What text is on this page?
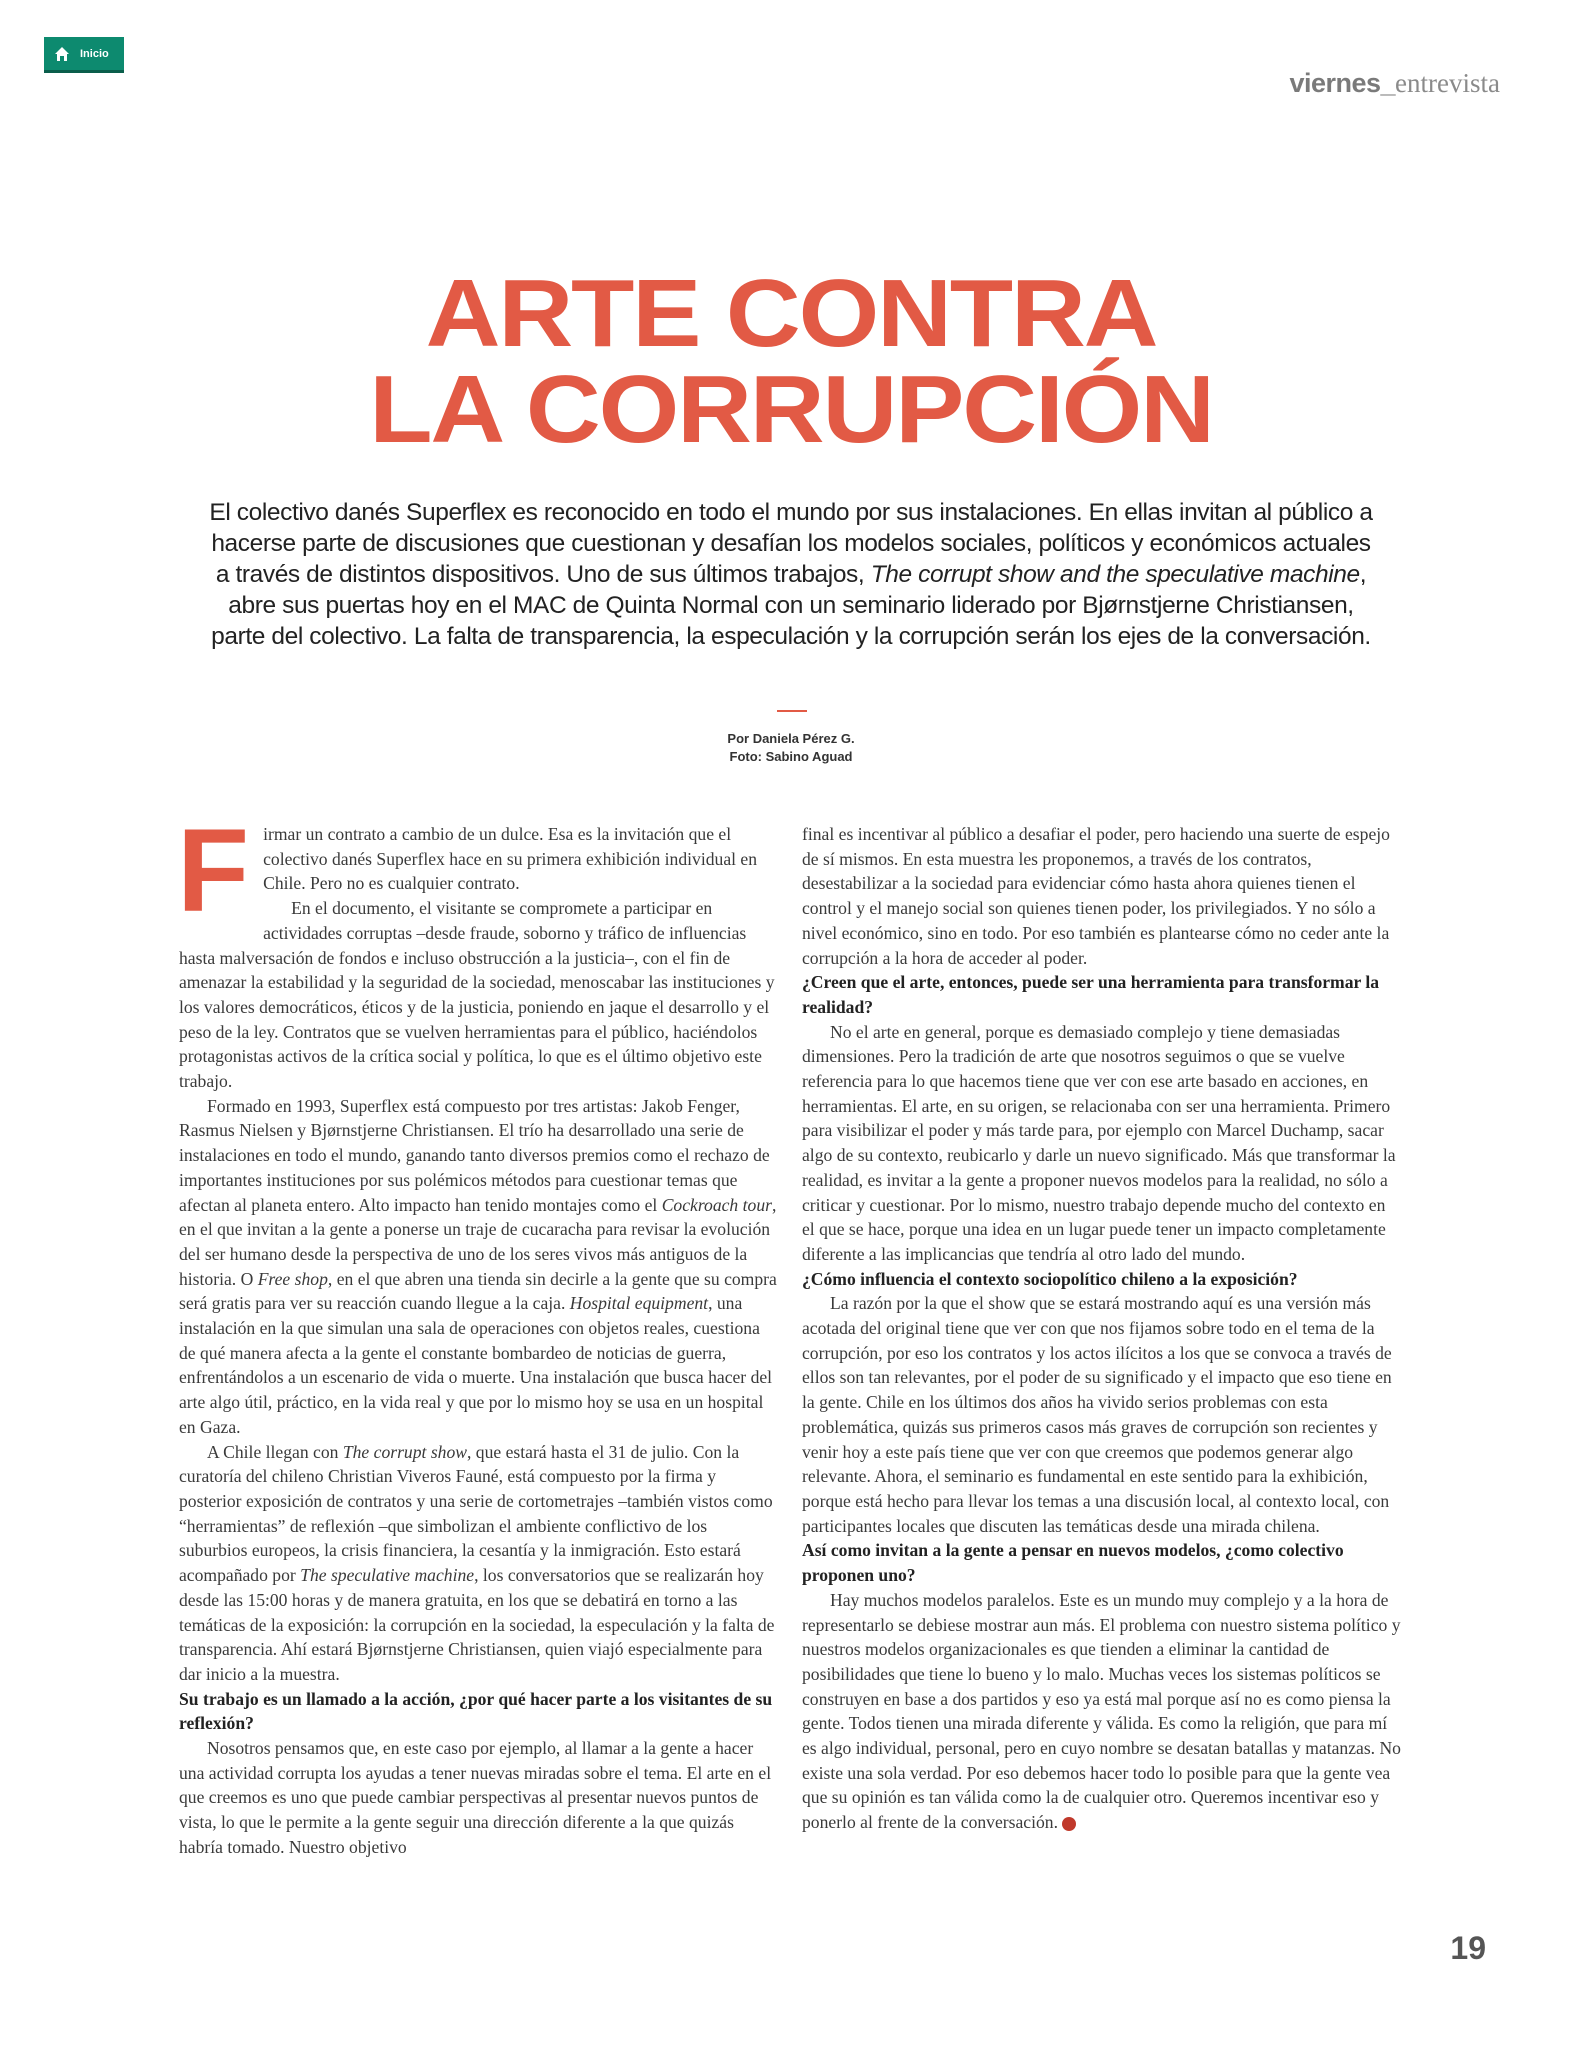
Inicio
viernes_entrevista
ARTE CONTRA
LA CORRUPCIÓN
El colectivo danés Superflex es reconocido en todo el mundo por sus instalaciones. En ellas invitan al público a hacerse parte de discusiones que cuestionan y desafían los modelos sociales, políticos y económicos actuales a través de distintos dispositivos. Uno de sus últimos trabajos, The corrupt show and the speculative machine, abre sus puertas hoy en el MAC de Quinta Normal con un seminario liderado por Bjørnstjerne Christiansen, parte del colectivo. La falta de transparencia, la especulación y la corrupción serán los ejes de la conversación.
Por Daniela Pérez G.
Foto: Sabino Aguad

Firmar un contrato a cambio de un dulce. Esa es la invitación que el colectivo danés Superflex hace en su primera exhibición individual en Chile. Pero no es cualquier contrato.

En el documento, el visitante se compromete a participar en actividades corruptas –desde fraude, soborno y tráfico de influencias hasta malversación de fondos e incluso obstrucción a la justicia–, con el fin de amenazar la estabilidad y la seguridad de la sociedad, menoscabar las instituciones y los valores democráticos, éticos y de la justicia, poniendo en jaque el desarrollo y el peso de la ley. Contratos que se vuelven herramientas para el público, haciéndolos protagonistas activos de la crítica social y política, lo que es el último objetivo este trabajo.

Formado en 1993, Superflex está compuesto por tres artistas: Jakob Fenger, Rasmus Nielsen y Bjørnstjerne Christiansen. El trío ha desarrollado una serie de instalaciones en todo el mundo, ganando tanto diversos premios como el rechazo de importantes instituciones por sus polémicos métodos para cuestionar temas que afectan al planeta entero. Alto impacto han tenido montajes como el Cockroach tour, en el que invitan a la gente a ponerse un traje de cucaracha para revisar la evolución del ser humano desde la perspectiva de uno de los seres vivos más antiguos de la historia. O Free shop, en el que abren una tienda sin decirle a la gente que su compra será gratis para ver su reacción cuando llegue a la caja. Hospital equipment, una instalación en la que simulan una sala de operaciones con objetos reales, cuestiona de qué manera afecta a la gente el constante bombardeo de noticias de guerra, enfrentándolos a un escenario de vida o muerte. Una instalación que busca hacer del arte algo útil, práctico, en la vida real y que por lo mismo hoy se usa en un hospital en Gaza.

A Chile llegan con The corrupt show, que estará hasta el 31 de julio. Con la curatoría del chileno Christian Viveros Fauné, está compuesto por la firma y posterior exposición de contratos y una serie de cortometrajes –también vistos como “herramientas” de reflexión –que simbolizan el ambiente conflictivo de los suburbios europeos, la crisis financiera, la cesantía y la inmigración. Esto estará acompañado por The speculative machine, los conversatorios que se realizarán hoy desde las 15:00 horas y de manera gratuita, en los que se debatirá en torno a las temáticas de la exposición: la corrupción en la sociedad, la especulación y la falta de transparencia. Ahí estará Bjørnstjerne Christiansen, quien viajó especialmente para dar inicio a la muestra.

Su trabajo es un llamado a la acción, ¿por qué hacer parte a los visitantes de su reflexión?

Nosotros pensamos que, en este caso por ejemplo, al llamar a la gente a hacer una actividad corrupta los ayudas a tener nuevas miradas sobre el tema. El arte en el que creemos es uno que puede cambiar perspectivas al presentar nuevos puntos de vista, lo que le permite a la gente seguir una dirección diferente a la que quizás habría tomado. Nuestro objetivo

final es incentivar al público a desafiar el poder, pero haciendo una suerte de espejo de sí mismos. En esta muestra les proponemos, a través de los contratos, desestabilizar a la sociedad para evidenciar cómo hasta ahora quienes tienen el control y el manejo social son quienes tienen poder, los privilegiados. Y no sólo a nivel económico, sino en todo. Por eso también es plantearse cómo no ceder ante la corrupción a la hora de acceder al poder.

¿Creen que el arte, entonces, puede ser una herramienta para transformar la realidad?

No el arte en general, porque es demasiado complejo y tiene demasiadas dimensiones. Pero la tradición de arte que nosotros seguimos o que se vuelve referencia para lo que hacemos tiene que ver con ese arte basado en acciones, en herramientas. El arte, en su origen, se relacionaba con ser una herramienta. Primero para visibilizar el poder y más tarde para, por ejemplo con Marcel Duchamp, sacar algo de su contexto, reubicarlo y darle un nuevo significado. Más que transformar la realidad, es invitar a la gente a proponer nuevos modelos para la realidad, no sólo a criticar y cuestionar. Por lo mismo, nuestro trabajo depende mucho del contexto en el que se hace, porque una idea en un lugar puede tener un impacto completamente diferente a las implicancias que tendría al otro lado del mundo.

¿Cómo influencia el contexto sociopolítico chileno a la exposición?

La razón por la que el show que se estará mostrando aquí es una versión más acotada del original tiene que ver con que nos fijamos sobre todo en el tema de la corrupción, por eso los contratos y los actos ilícitos a los que se convoca a través de ellos son tan relevantes, por el poder de su significado y el impacto que eso tiene en la gente. Chile en los últimos dos años ha vivido serios problemas con esta problemática, quizás sus primeros casos más graves de corrupción son recientes y venir hoy a este país tiene que ver con que creemos que podemos generar algo relevante. Ahora, el seminario es fundamental en este sentido para la exhibición, porque está hecho para llevar los temas a una discusión local, al contexto local, con participantes locales que discuten las temáticas desde una mirada chilena.

Así como invitan a la gente a pensar en nuevos modelos, ¿como colectivo proponen uno?

Hay muchos modelos paralelos. Este es un mundo muy complejo y a la hora de representarlo se debiese mostrar aun más. El problema con nuestro sistema político y nuestros modelos organizacionales es que tienden a eliminar la cantidad de posibilidades que tiene lo bueno y lo malo. Muchas veces los sistemas políticos se construyen en base a dos partidos y eso ya está mal porque así no es como piensa la gente. Todos tienen una mirada diferente y válida. Es como la religión, que para mí es algo individual, personal, pero en cuyo nombre se desatan batallas y matanzas. No existe una sola verdad. Por eso debemos hacer todo lo posible para que la gente vea que su opinión es tan válida como la de cualquier otro. Queremos incentivar eso y ponerlo al frente de la conversación.	v

19
